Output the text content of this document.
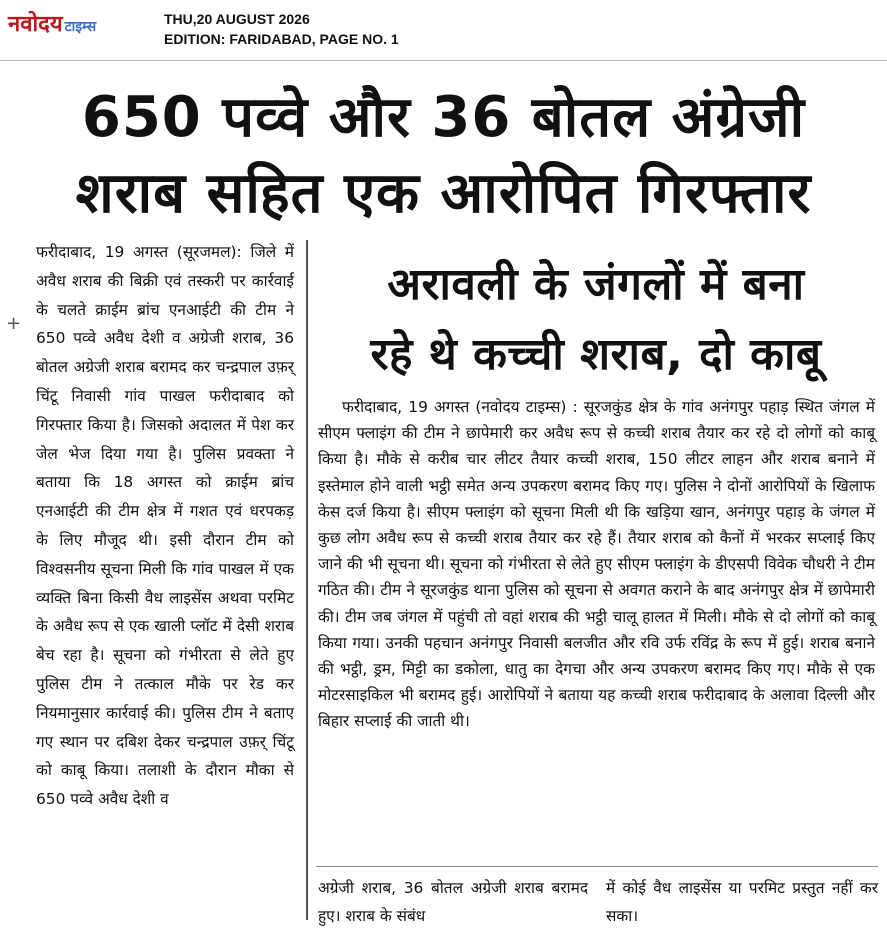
नवोदय टाइम्स	THU,20 AUGUST 2026
EDITION: FARIDABAD, PAGE NO. 1
650 पव्वे और 36 बोतल अंग्रेजी
शराब सहित एक आरोपित गिरफ्तार
+

फरीदाबाद, 19 अगस्त (सूरजमल): जिले में अवैध शराब की बिक्री एवं तस्करी पर कार्रवाई के चलते क्राईम ब्रांच एनआईटी की टीम ने 650 पव्वे अवैध देशी व अग्रेजी शराब, 36 बोतल अग्रेजी शराब बरामद कर चन्द्रपाल उफ़र् चिंटू निवासी गांव पाखल फरीदाबाद को गिरफ्तार किया है। जिसको अदालत में पेश कर जेल भेज दिया गया है। पुलिस प्रवक्ता ने बताया कि 18 अगस्त को क्राईम ब्रांच एनआईटी की टीम क्षेत्र में गशत एवं धरपकड़ के लिए मौजूद थी। इसी दौरान टीम को विश्वसनीय सूचना मिली कि गांव पाखल में एक व्यक्ति बिना किसी वैध लाइसेंस अथवा परमिट के अवैध रूप से एक खाली प्लॉट में देसी शराब बेच रहा है। सूचना को गंभीरता से लेते हुए पुलिस टीम ने तत्काल मौके पर रेड कर नियमानुसार कार्रवाई की। पुलिस टीम ने बताए गए स्थान पर दबिश देकर चन्द्रपाल उफ़र् चिंटू को काबू किया। तलाशी के दौरान मौका से 650 पव्वे अवैध देशी व

अरावली के जंगलों में बना
रहे थे कच्ची शराब, दो काबू
फरीदाबाद, 19 अगस्त (नवोदय टाइम्स) : सूरजकुंड क्षेत्र के गांव अनंगपुर पहाड़ स्थित जंगल में सीएम फ्लाइंग की टीम ने छापेमारी कर अवैध रूप से कच्ची शराब तैयार कर रहे दो लोगों को काबू किया है। मौके से करीब चार लीटर तैयार कच्ची शराब, 150 लीटर लाहन और शराब बनाने में इस्तेमाल होने वाली भट्ठी समेत अन्य उपकरण बरामद किए गए। पुलिस ने दोनों आरोपियों के खिलाफ केस दर्ज किया है। सीएम फ्लाइंग को सूचना मिली थी कि खड़िया खान, अनंगपुर पहाड़ के जंगल में कुछ लोग अवैध रूप से कच्ची शराब तैयार कर रहे हैं। तैयार शराब को कैनों में भरकर सप्लाई किए जाने की भी सूचना थी। सूचना को गंभीरता से लेते हुए सीएम फ्लाइंग के डीएसपी विवेक चौधरी ने टीम गठित की। टीम ने सूरजकुंड थाना पुलिस को सूचना से अवगत कराने के बाद अनंगपुर क्षेत्र में छापेमारी की। टीम जब जंगल में पहुंची तो वहां शराब की भट्ठी चालू हालत में मिली। मौके से दो लोगों को काबू किया गया। उनकी पहचान अनंगपुर निवासी बलजीत और रवि उर्फ रविंद्र के रूप में हुई। शराब बनाने की भट्ठी, ड्रम, मिट्टी का डकोला, धातु का देगचा और अन्य उपकरण बरामद किए गए। मौके से एक मोटरसाइकिल भी बरामद हुई। आरोपियों ने बताया यह कच्ची शराब फरीदाबाद के अलावा दिल्ली और बिहार सप्लाई की जाती थी।
अग्रेजी शराब, 36 बोतल अग्रेजी शराब बरामद हुए। शराब के संबंध
में कोई वैध लाइसेंस या परमिट प्रस्तुत नहीं कर सका।
